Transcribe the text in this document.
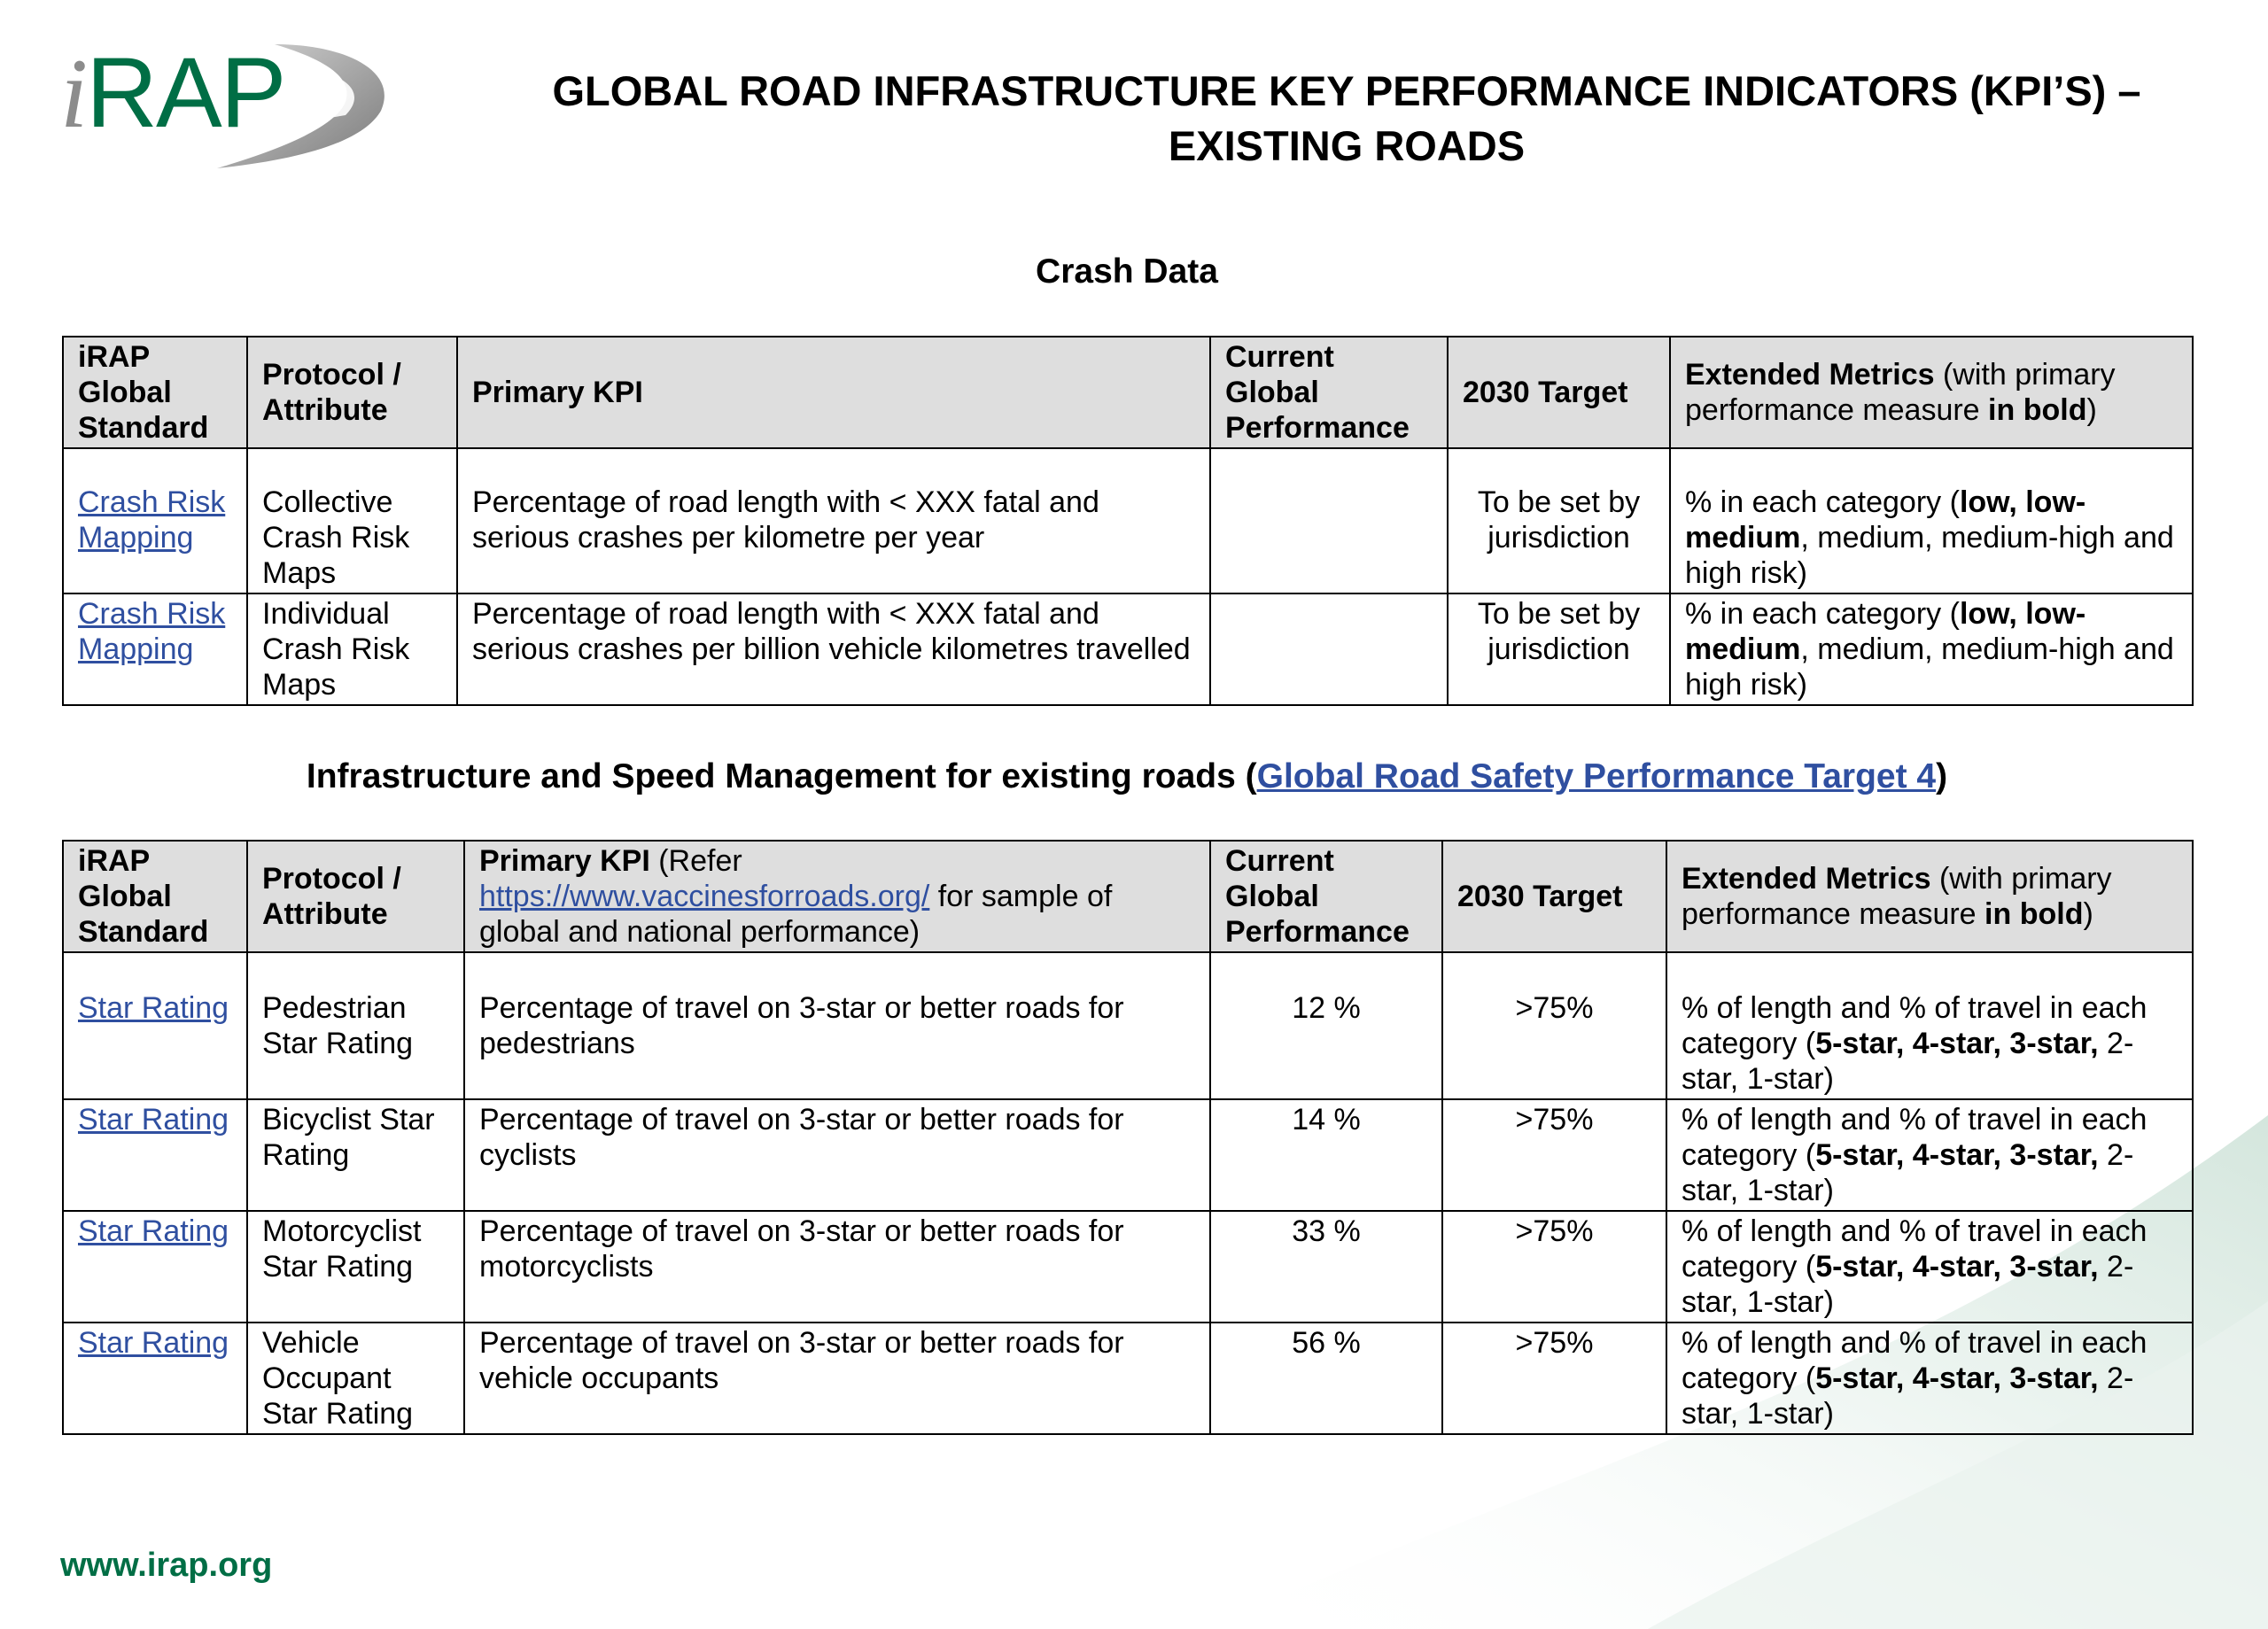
iRAP	GLOBAL ROAD INFRASTRUCTURE KEY PERFORMANCE INDICATORS (KPI’S) –
EXISTING ROADS
Crash Data
iRAP Global Standard	Protocol / Attribute	Primary KPI	Current Global Performance	2030 Target	Extended Metrics (with primary performance measure in bold)
Crash Risk Mapping	Collective Crash Risk Maps	Percentage of road length with < XXX fatal and serious crashes per kilometre per year		To be set by jurisdiction	% in each category (low, low-medium, medium, medium-high and high risk)
Crash Risk Mapping	Individual Crash Risk Maps	Percentage of road length with < XXX fatal and serious crashes per billion vehicle kilometres travelled		To be set by jurisdiction	% in each category (low, low-medium, medium, medium-high and high risk)
Infrastructure and Speed Management for existing roads (Global Road Safety Performance Target 4)
iRAP Global Standard	Protocol / Attribute	Primary KPI (Refer https://www.vaccinesforroads.org/ for sample of global and national performance)	Current Global Performance	2030 Target	Extended Metrics (with primary performance measure in bold)
Star Rating	Pedestrian Star Rating	Percentage of travel on 3-star or better roads for pedestrians	12 %	>75%	% of length and % of travel in each category (5-star, 4-star, 3-star, 2-star, 1-star)
Star Rating	Bicyclist Star Rating	Percentage of travel on 3-star or better roads for cyclists	14 %	>75%	% of length and % of travel in each category (5-star, 4-star, 3-star, 2-star, 1-star)
Star Rating	Motorcyclist Star Rating	Percentage of travel on 3-star or better roads for motorcyclists	33 %	>75%	% of length and % of travel in each category (5-star, 4-star, 3-star, 2-star, 1-star)
Star Rating	Vehicle Occupant Star Rating	Percentage of travel on 3-star or better roads for vehicle occupants	56 %	>75%	% of length and % of travel in each category (5-star, 4-star, 3-star, 2-star, 1-star)
www.irap.org
